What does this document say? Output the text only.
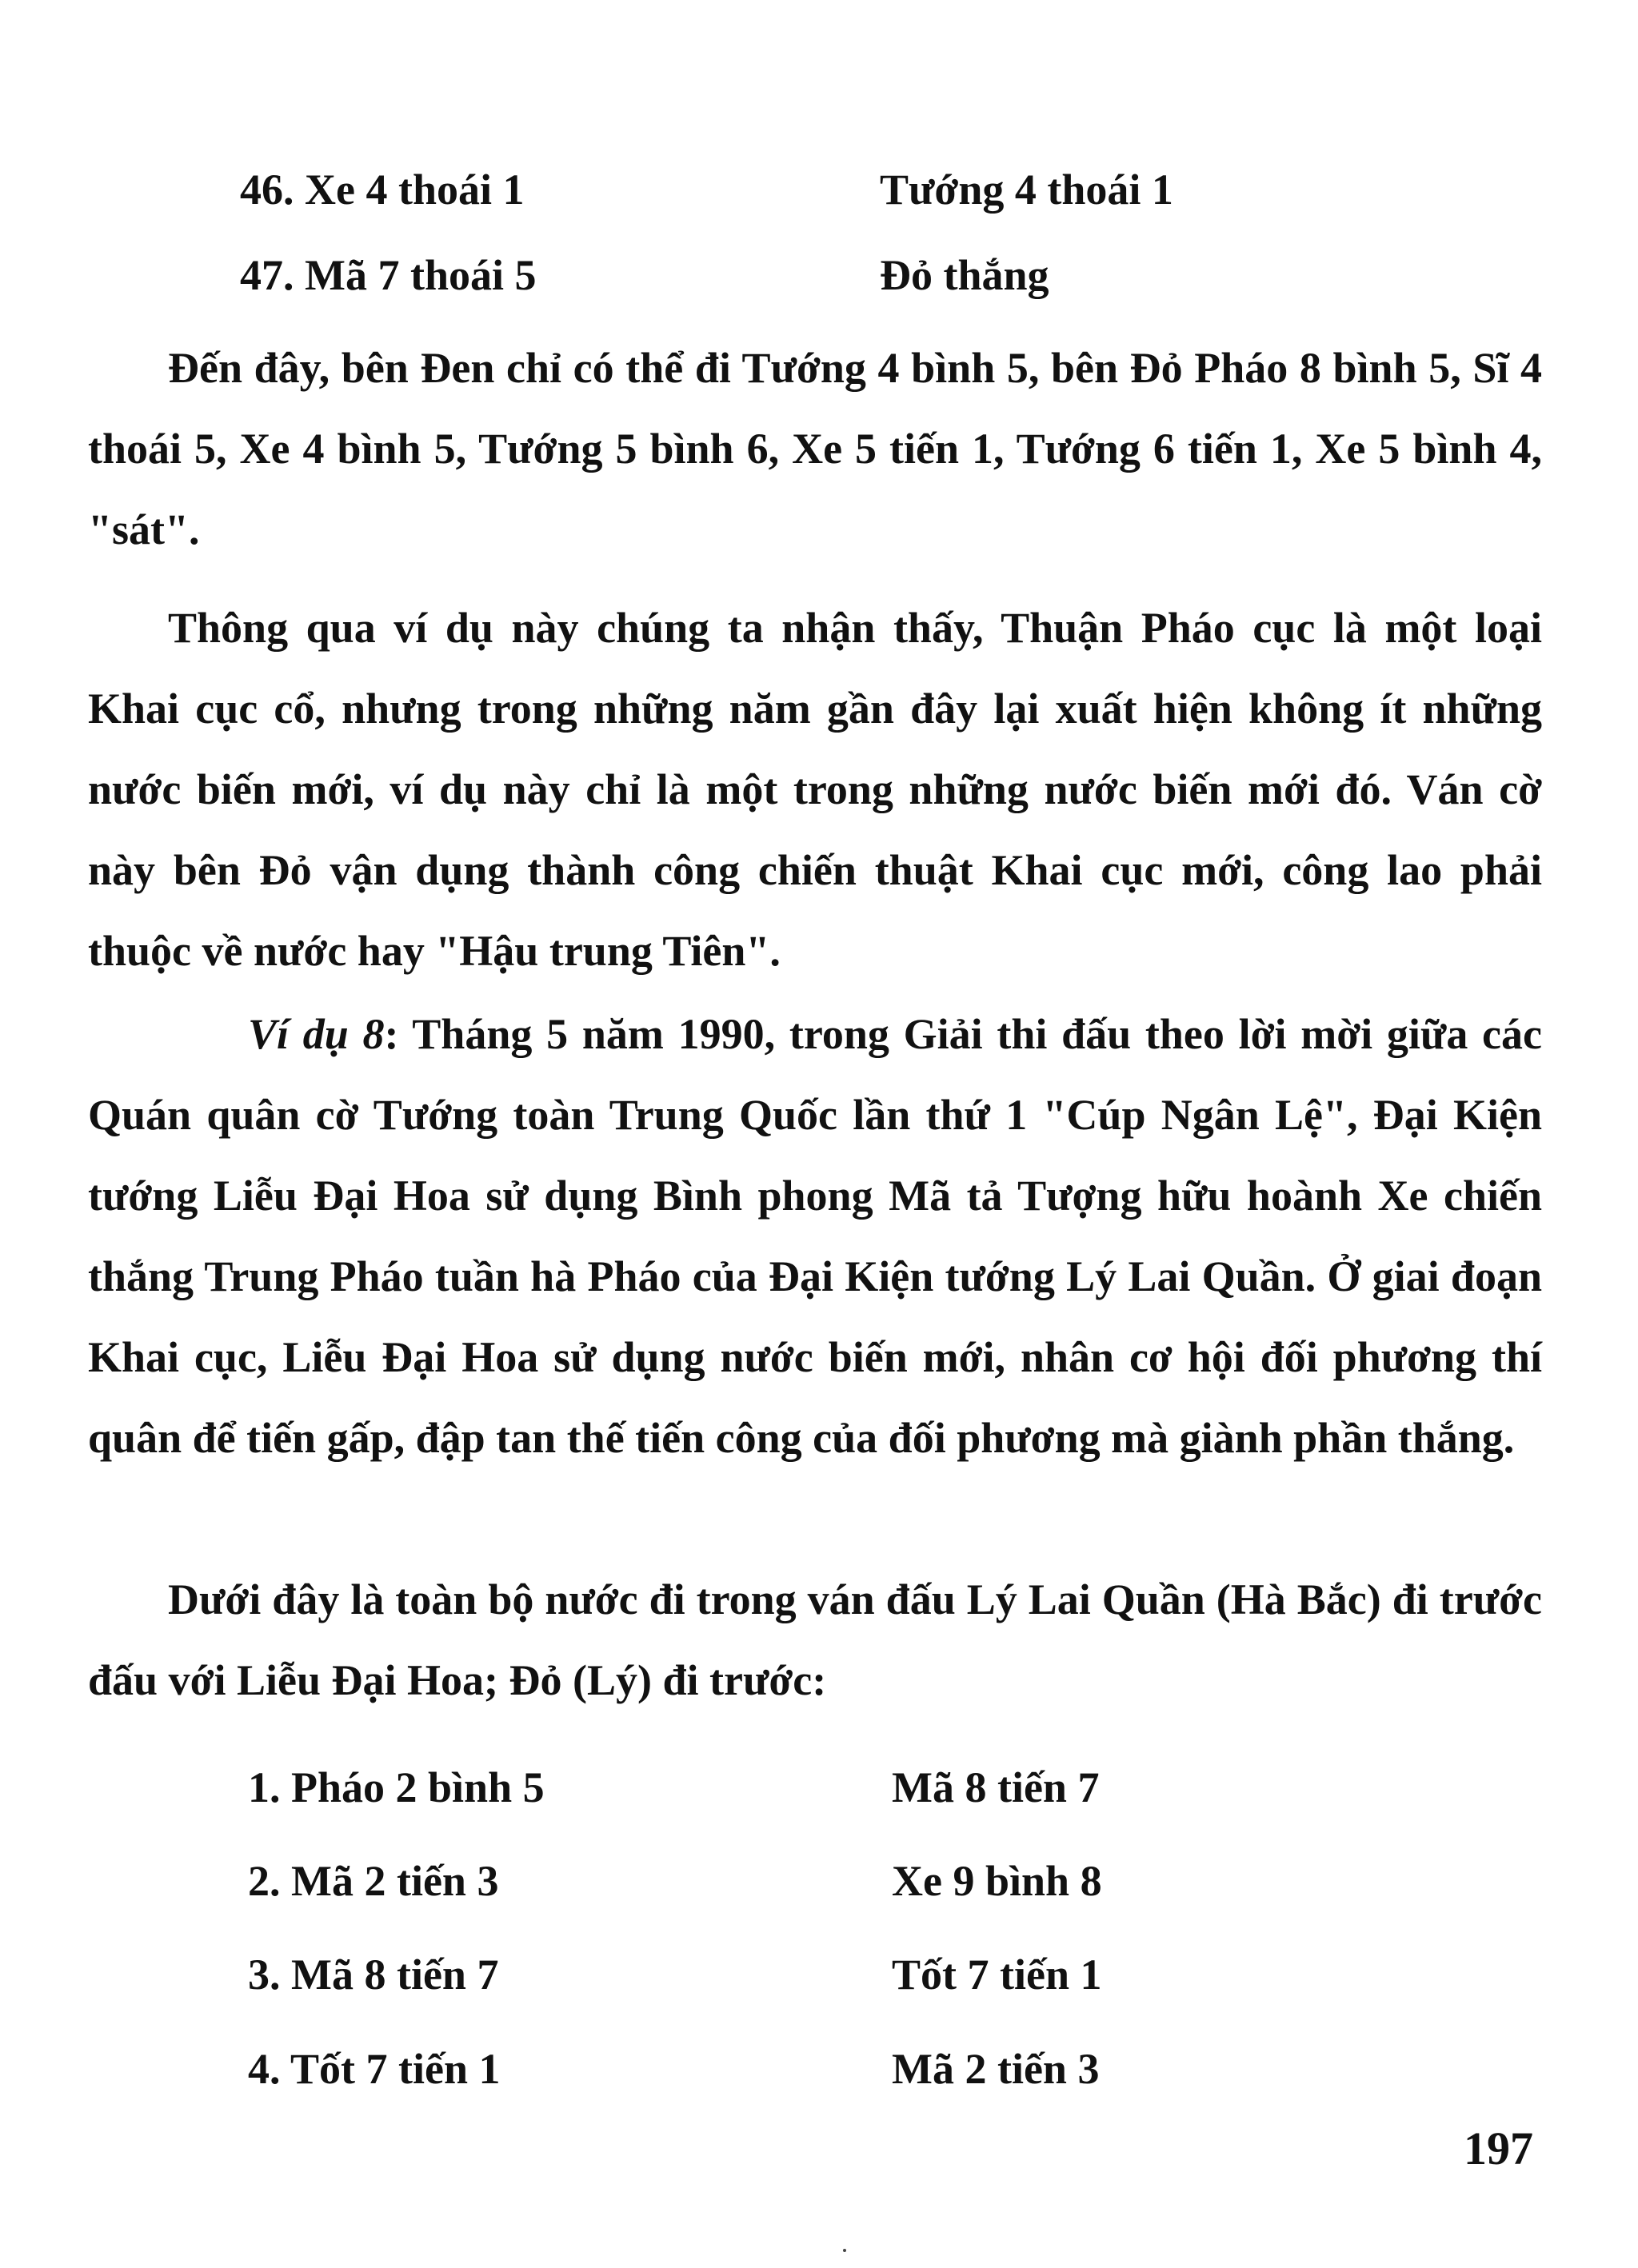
46. Xe 4 thoái 1	Tướng 4 thoái 1
47. Mã 7 thoái 5	Đỏ thắng
Đến đây, bên Đen chỉ có thể đi Tướng 4 bình 5, bên Đỏ Pháo 8 bình 5, Sĩ 4 thoái 5, Xe 4 bình 5, Tướng 5 bình 6, Xe 5 tiến 1, Tướng 6 tiến 1, Xe 5 bình 4, "sát".
Thông qua ví dụ này chúng ta nhận thấy, Thuận Pháo cục là một loại Khai cục cổ, nhưng trong những năm gần đây lại xuất hiện không ít những nước biến mới, ví dụ này chỉ là một trong những nước biến mới đó. Ván cờ này bên Đỏ vận dụng thành công chiến thuật Khai cục mới, công lao phải thuộc về nước hay "Hậu trung Tiên".
Ví dụ 8: Tháng 5 năm 1990, trong Giải thi đấu theo lời mời giữa các Quán quân cờ Tướng toàn Trung Quốc lần thứ 1 "Cúp Ngân Lệ", Đại Kiện tướng Liễu Đại Hoa sử dụng Bình phong Mã tả Tượng hữu hoành Xe chiến thắng Trung Pháo tuần hà Pháo của Đại Kiện tướng Lý Lai Quần. Ở giai đoạn Khai cục, Liễu Đại Hoa sử dụng nước biến mới, nhân cơ hội đối phương thí quân để tiến gấp, đập tan thế tiến công của đối phương mà giành phần thắng.
Dưới đây là toàn bộ nước đi trong ván đấu Lý Lai Quần (Hà Bắc) đi trước đấu với Liễu Đại Hoa; Đỏ (Lý) đi trước:
1. Pháo 2 bình 5	Mã 8 tiến 7
2. Mã 2 tiến 3	Xe 9 bình 8
3. Mã 8 tiến 7	Tốt 7 tiến 1
4. Tốt 7 tiến 1	Mã 2 tiến 3
197
